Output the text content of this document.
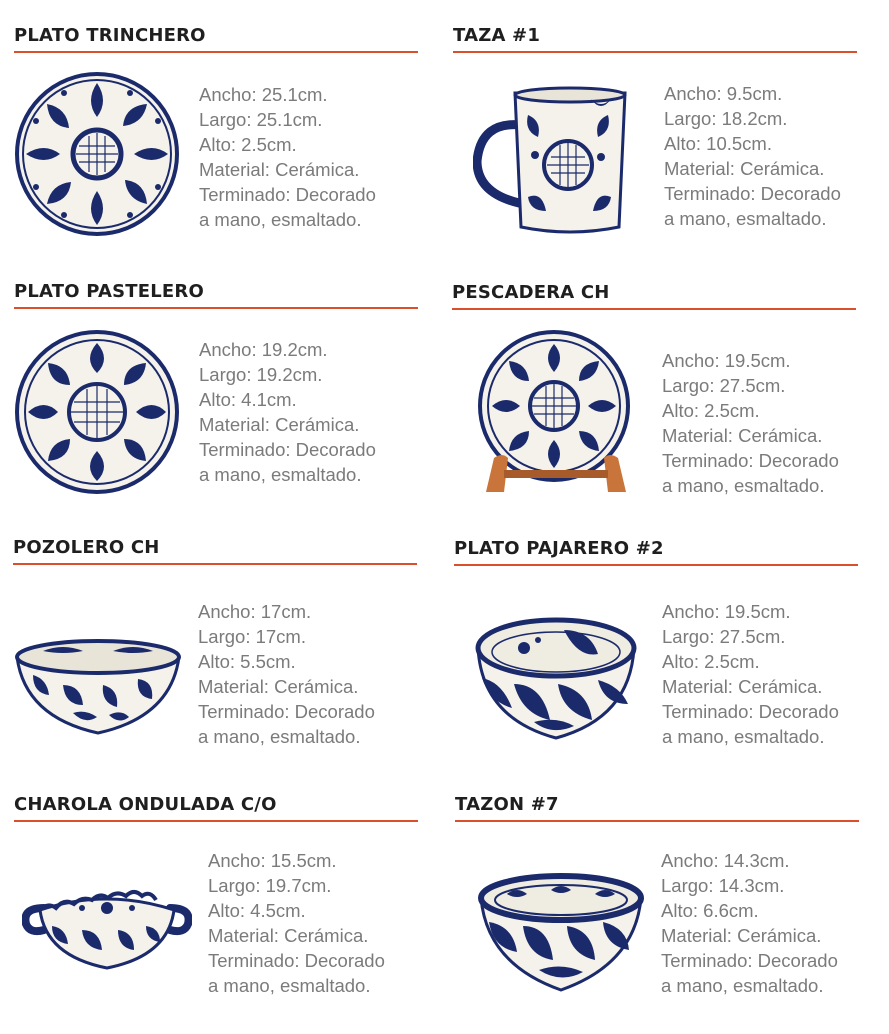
PLATO TRINCHERO
Ancho: 25.1cm.
Largo: 25.1cm.
Alto: 2.5cm.
Material: Cerámica.
Terminado: Decorado
a mano, esmaltado.
TAZA #1
Ancho: 9.5cm.
Largo: 18.2cm.
Alto: 10.5cm.
Material: Cerámica.
Terminado: Decorado
a mano, esmaltado.
PLATO PASTELERO
Ancho: 19.2cm.
Largo: 19.2cm.
Alto: 4.1cm.
Material: Cerámica.
Terminado: Decorado
a mano, esmaltado.
PESCADERA CH
Ancho: 19.5cm.
Largo: 27.5cm.
Alto: 2.5cm.
Material: Cerámica.
Terminado: Decorado
a mano, esmaltado.
POZOLERO CH
Ancho: 17cm.
Largo: 17cm.
Alto: 5.5cm.
Material: Cerámica.
Terminado: Decorado
a mano, esmaltado.
PLATO PAJARERO #2
Ancho: 19.5cm.
Largo: 27.5cm.
Alto: 2.5cm.
Material: Cerámica.
Terminado: Decorado
a mano, esmaltado.
CHAROLA ONDULADA C/O
Ancho: 15.5cm.
Largo: 19.7cm.
Alto: 4.5cm.
Material: Cerámica.
Terminado: Decorado
a mano, esmaltado.
TAZON #7
Ancho: 14.3cm.
Largo: 14.3cm.
Alto: 6.6cm.
Material: Cerámica.
Terminado: Decorado
a mano, esmaltado.
